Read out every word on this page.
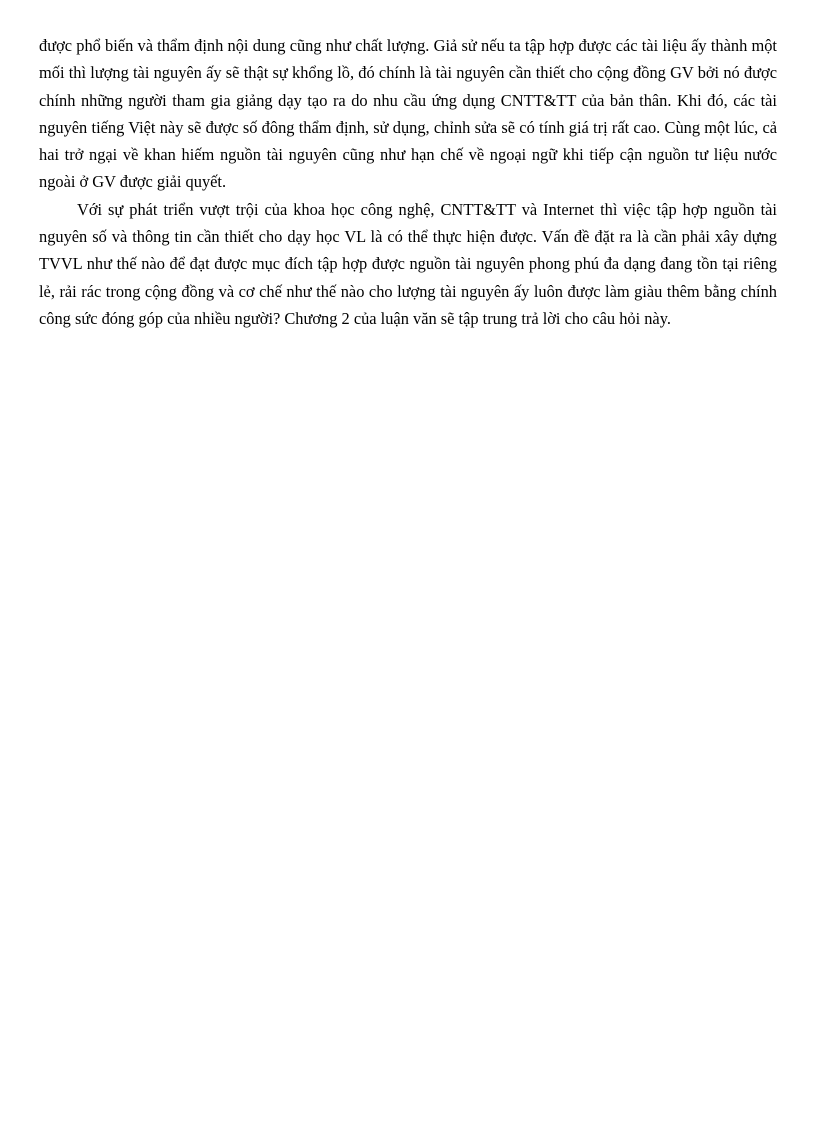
được phổ biến và thẩm định nội dung cũng như chất lượng. Giả sử nếu ta tập hợp được các tài liệu ấy thành một mối thì lượng tài nguyên ấy sẽ thật sự khổng lồ, đó chính là tài nguyên cần thiết cho cộng đồng GV bởi nó được chính những người tham gia giảng dạy tạo ra do nhu cầu ứng dụng CNTT&TT của bản thân. Khi đó, các tài nguyên tiếng Việt này sẽ được số đông thẩm định, sử dụng, chỉnh sửa sẽ có tính giá trị rất cao. Cùng một lúc, cả hai trở ngại về khan hiếm nguồn tài nguyên cũng như hạn chế về ngoại ngữ khi tiếp cận nguồn tư liệu nước ngoài ở GV được giải quyết.

Với sự phát triển vượt trội của khoa học công nghệ, CNTT&TT và Internet thì việc tập hợp nguồn tài nguyên số và thông tin cần thiết cho dạy học VL là có thể thực hiện được. Vấn đề đặt ra là cần phải xây dựng TVVL như thế nào để đạt được mục đích tập hợp được nguồn tài nguyên phong phú đa dạng đang tồn tại riêng lẻ, rải rác trong cộng đồng và cơ chế như thế nào cho lượng tài nguyên ấy luôn được làm giàu thêm bằng chính công sức đóng góp của nhiều người? Chương 2 của luận văn sẽ tập trung trả lời cho câu hỏi này.
